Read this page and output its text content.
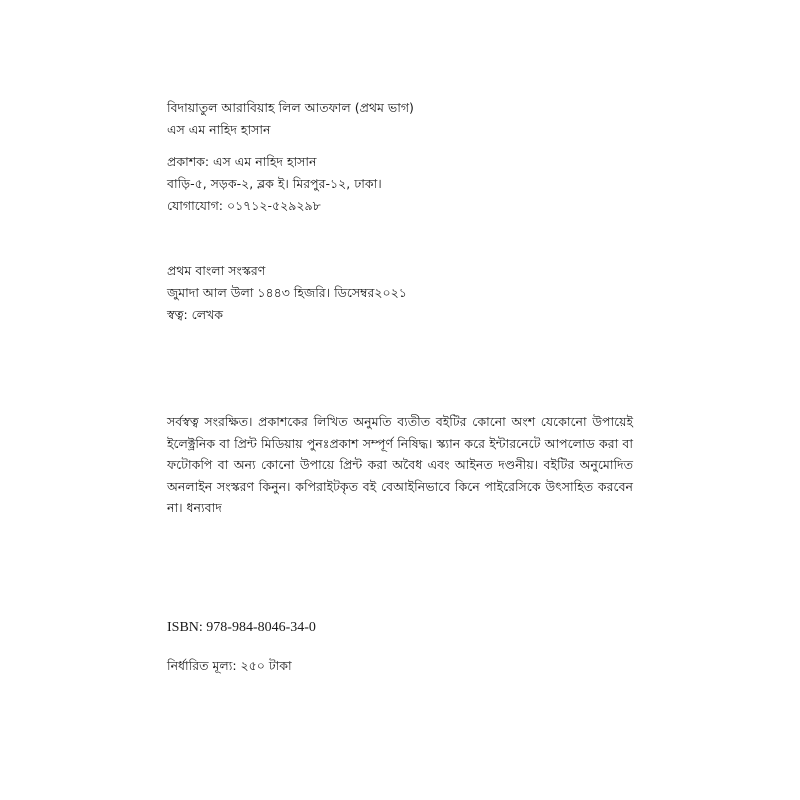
বিদায়াতুল আরাবিয়াহ লিল আতফাল (প্রথম ভাগ)
এস এম নাহিদ হাসান
প্রকাশক: এস এম নাহিদ হাসান
বাড়ি-৫, সড়ক-২, ব্লক ই। মিরপুর-১২, ঢাকা।
যোগাযোগ: ০১৭১২-৫২৯২৯৮
প্রথম বাংলা সংস্করণ
জুমাদা আল উলা ১৪৪৩ হিজরি। ডিসেম্বর২০২১
স্বত্ব: লেখক
সর্বস্বত্ব সংরক্ষিত। প্রকাশকের লিখিত অনুমতি ব্যতীত বইটির কোনো অংশ যেকোনো উপায়েই ইলেক্ট্রনিক বা প্রিন্ট মিডিয়ায় পুনঃপ্রকাশ সম্পূর্ণ নিষিদ্ধ। স্ক্যান করে ইন্টারনেটে আপলোড করা বা ফটোকপি বা অন্য কোনো উপায়ে প্রিন্ট করা অবৈধ এবং আইনত দণ্ডনীয়। বইটির অনুমোদিত অনলাইন সংস্করণ কিনুন। কপিরাইটকৃত বই বেআইনিভাবে কিনে পাইরেসিকে উৎসাহিত করবেন না। ধন্যবাদ
ISBN: 978-984-8046-34-0
নির্ধারিত মূল্য: ২৫০ টাকা
